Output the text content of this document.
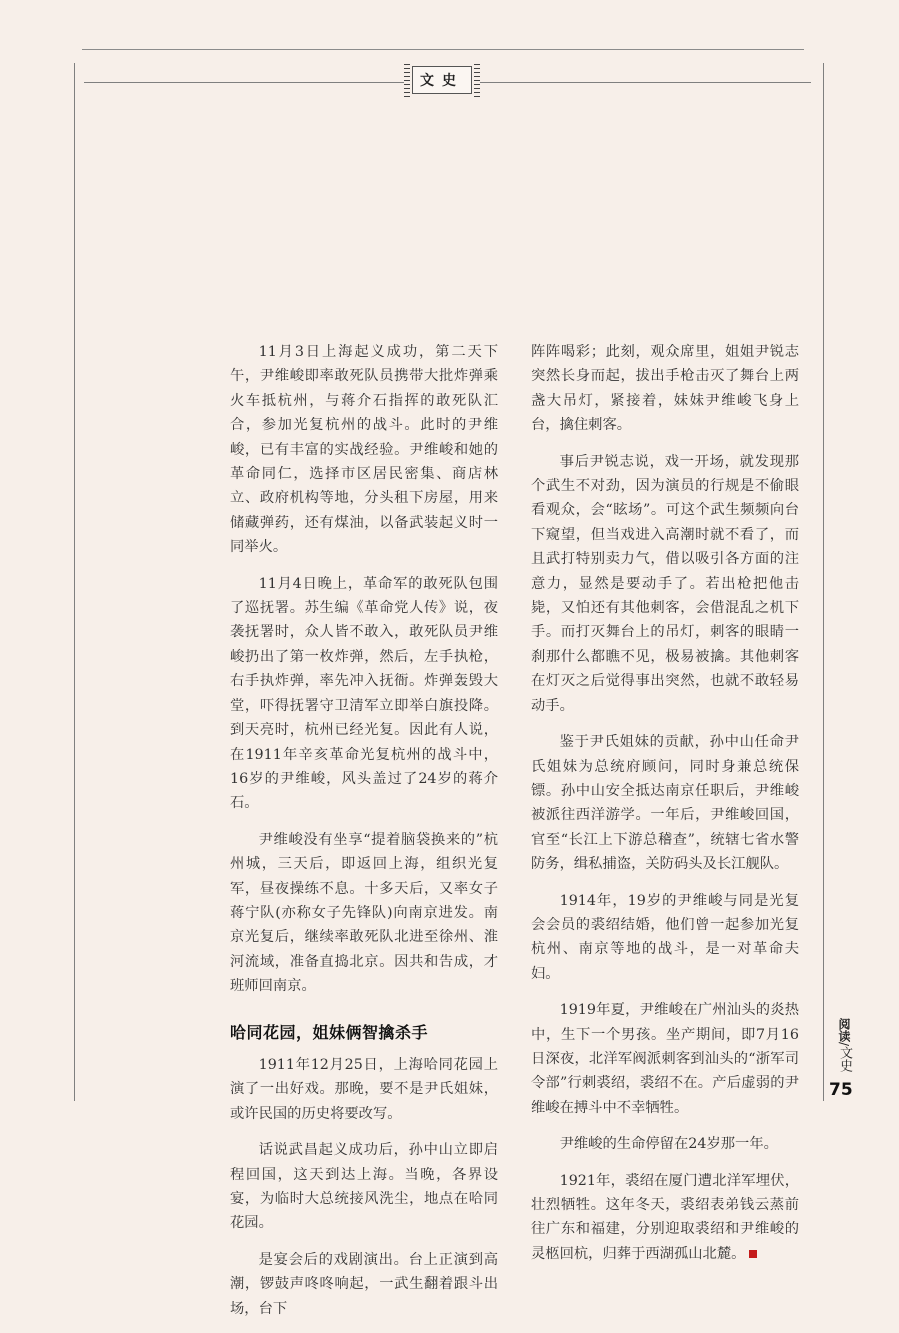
文史

11月3日上海起义成功，第二天下午，尹维峻即率敢死队员携带大批炸弹乘火车抵杭州，与蒋介石指挥的敢死队汇合，参加光复杭州的战斗。此时的尹维峻，已有丰富的实战经验。尹维峻和她的革命同仁，选择市区居民密集、商店林立、政府机构等地，分头租下房屋，用来储藏弹药，还有煤油，以备武装起义时一同举火。

11月4日晚上，革命军的敢死队包围了巡抚署。苏生编《革命党人传》说，夜袭抚署时，众人皆不敢入，敢死队员尹维峻扔出了第一枚炸弹，然后，左手执枪，右手执炸弹，率先冲入抚衙。炸弹轰毁大堂，吓得抚署守卫清军立即举白旗投降。到天亮时，杭州已经光复。因此有人说，在1911年辛亥革命光复杭州的战斗中，16岁的尹维峻，风头盖过了24岁的蒋介石。

尹维峻没有坐享“提着脑袋换来的”杭州城，三天后，即返回上海，组织光复军，昼夜操练不息。十多天后，又率女子蒋宁队(亦称女子先锋队)向南京进发。南京光复后，继续率敢死队北进至徐州、淮河流域，准备直捣北京。因共和告成，才班师回南京。

哈同花园，姐妹俩智擒杀手

1911年12月25日，上海哈同花园上演了一出好戏。那晚，要不是尹氏姐妹，或许民国的历史将要改写。

话说武昌起义成功后，孙中山立即启程回国，这天到达上海。当晚，各界设宴，为临时大总统接风洗尘，地点在哈同花园。

是宴会后的戏剧演出。台上正演到高潮，锣鼓声咚咚响起，一武生翻着跟斗出场，台下

阵阵喝彩；此刻，观众席里，姐姐尹锐志突然长身而起，拔出手枪击灭了舞台上两盏大吊灯，紧接着，妹妹尹维峻飞身上台，擒住刺客。

事后尹锐志说，戏一开场，就发现那个武生不对劲，因为演员的行规是不偷眼看观众，会“眩场”。可这个武生频频向台下窥望，但当戏进入高潮时就不看了，而且武打特别卖力气，借以吸引各方面的注意力，显然是要动手了。若出枪把他击毙，又怕还有其他刺客，会借混乱之机下手。而打灭舞台上的吊灯，刺客的眼睛一刹那什么都瞧不见，极易被擒。其他刺客在灯灭之后觉得事出突然，也就不敢轻易动手。

鉴于尹氏姐妹的贡献，孙中山任命尹氏姐妹为总统府顾问，同时身兼总统保镖。孙中山安全抵达南京任职后，尹维峻被派往西洋游学。一年后，尹维峻回国，官至“长江上下游总稽查”，统辖七省水警防务，缉私捕盗，关防码头及长江舰队。

1914年，19岁的尹维峻与同是光复会会员的裘绍结婚，他们曾一起参加光复杭州、南京等地的战斗，是一对革命夫妇。

1919年夏，尹维峻在广州汕头的炎热中，生下一个男孩。坐产期间，即7月16日深夜，北洋军阀派刺客到汕头的“浙军司令部”行刺裘绍，裘绍不在。产后虚弱的尹维峻在搏斗中不幸牺牲。

尹维峻的生命停留在24岁那一年。

1921年，裘绍在厦门遭北洋军埋伏，壮烈牺牲。这年冬天，裘绍表弟钱云蒸前往广东和福建，分别迎取裘绍和尹维峻的灵柩回杭，归葬于西湖孤山北麓。

阅读/文史
75
